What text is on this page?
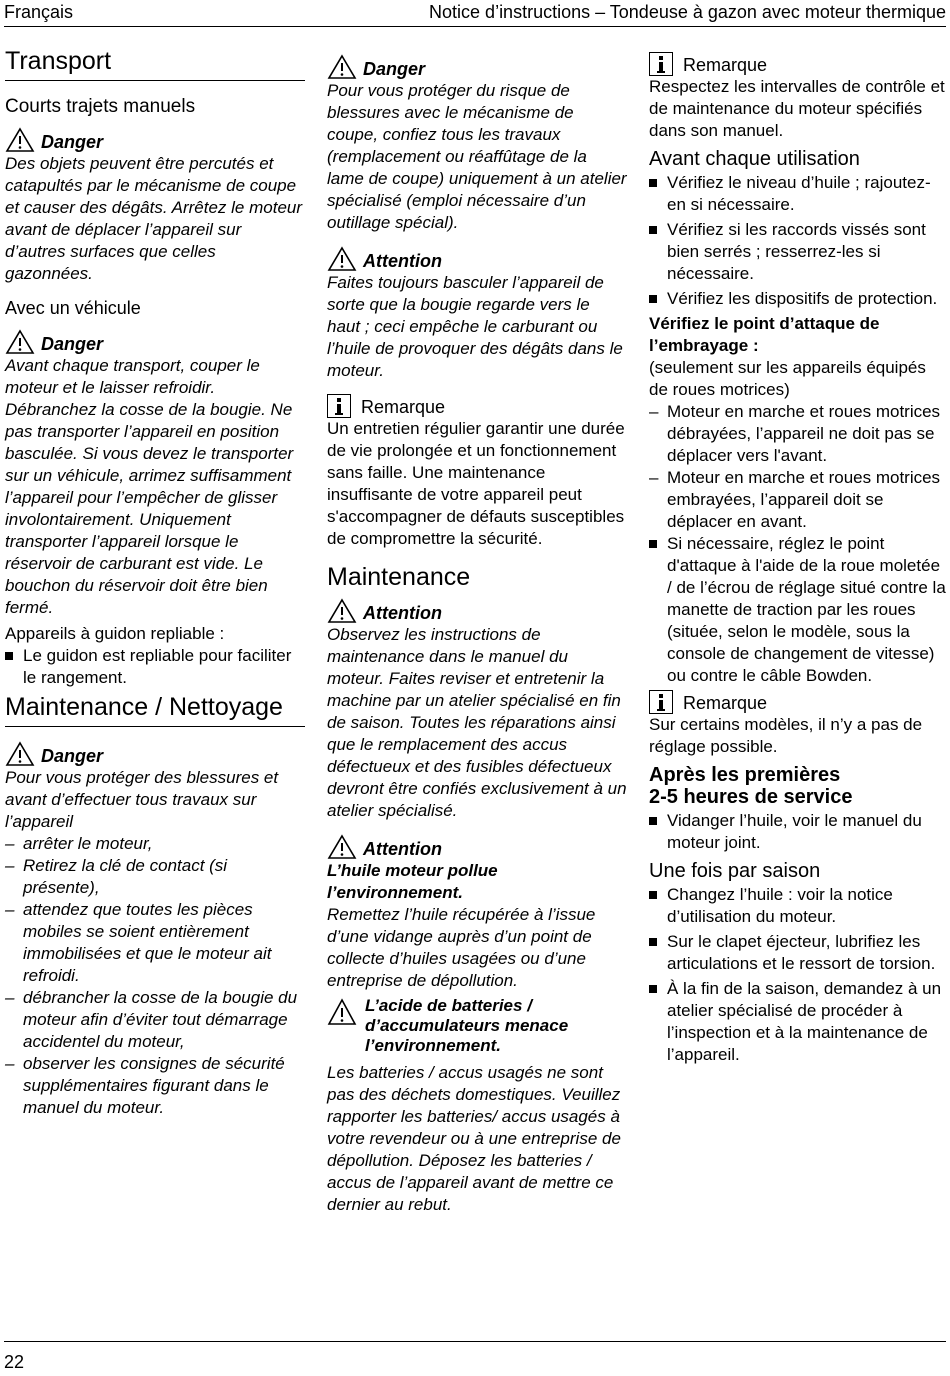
Français	Notice d’instructions – Tondeuse à gazon avec moteur thermique
Transport
Courts trajets manuels
Danger

Des objets peuvent être percutés et catapultés par le mécanisme de coupe et causer des dégâts. Arrêtez le moteur avant de déplacer l’appareil sur d’autres surfaces que celles gazonnées.

Avec un véhicule
Danger

Avant chaque transport, couper le moteur et le laisser refroidir. Débranchez la cosse de la bougie. Ne pas transporter l’appareil en position basculée. Si vous devez le transporter sur un véhicule, arrimez suffisamment l’appareil pour l’empêcher de glisser involontairement. Uniquement transporter l’appareil lorsque le réservoir de carburant est vide. Le bouchon du réservoir doit être bien fermé.

Appareils à guidon repliable :

Le guidon est repliable pour faciliter le rangement.
Maintenance / Nettoyage
Danger

Pour vous protéger des blessures et avant d’effectuer tous travaux sur l’appareil

– arrêter le moteur,
– Retirez la clé de contact (si présente),
– attendez que toutes les pièces mobiles se soient entièrement immobilisées et que le moteur ait refroidi.
– débrancher la cosse de la bougie du moteur afin d’éviter tout démarrage accidentel du moteur,
– observer les consignes de sécurité supplémentaires figurant dans le manuel du moteur.
Danger

Pour vous protéger du risque de blessures avec le mécanisme de coupe, confiez tous les travaux (remplacement ou réaffûtage de la lame de coupe) uniquement à un atelier spécialisé (emploi nécessaire d’un outillage spécial).

Attention

Faites toujours basculer l’appareil de sorte que la bougie regarde vers le haut ; ceci empêche le carburant ou l’huile de provoquer des dégâts dans le moteur.

Remarque

Un entretien régulier garantir une durée de vie prolongée et un fonctionnement sans faille. Une maintenance insuffisante de votre appareil peut s'accompagner de défauts susceptibles de compromettre la sécurité.

Maintenance
Attention

Observez les instructions de maintenance dans le manuel du moteur. Faites reviser et entretenir la machine par un atelier spécialisé en fin de saison. Toutes les réparations ainsi que le remplacement des accus défectueux et des fusibles défectueux devront être confiés exclusivement à un atelier spécialisé.

Attention

L’huile moteur pollue l’environnement.

Remettez l’huile récupérée à l’issue d’une vidange auprès d’un point de collecte d’huiles usagées ou d’une entreprise de dépollution.

L’acide de batteries / d’accumulateurs menace l’environnement.

Les batteries / accus usagés ne sont pas des déchets domestiques. Veuillez rapporter les batteries/ accus usagés à votre revendeur ou à une entreprise de dépollution. Déposez les batteries / accus de l’appareil avant de mettre ce dernier au rebut.

Remarque

Respectez les intervalles de contrôle et de maintenance du moteur spécifiés dans son manuel.

Avant chaque utilisation
Vérifiez le niveau d’huile ; rajoutez-en si nécessaire.
Vérifiez si les raccords vissés sont bien serrés ; resserrez-les si nécessaire.
Vérifiez les dispositifs de protection.
Vérifiez le point d’attaque de l’embrayage :

(seulement sur les appareils équipés de roues motrices)

– Moteur en marche et roues motrices débrayées, l’appareil ne doit pas se déplacer vers l'avant.
– Moteur en marche et roues motrices embrayées, l’appareil doit se déplacer en avant.
Si nécessaire, réglez le point d'attaque à l'aide de la roue moletée / de l’écrou de réglage situé contre la manette de traction par les roues (située, selon le modèle, sous la console de changement de vitesse) ou contre le câble Bowden.
Remarque

Sur certains modèles, il n’y a pas de réglage possible.

Après les premières
2-5 heures de service
Vidanger l’huile, voir le manuel du moteur joint.
Une fois par saison
Changez l’huile : voir la notice d’utilisation du moteur.
Sur le clapet éjecteur, lubrifiez les articulations et le ressort de torsion.
À la fin de la saison, demandez à un atelier spécialisé de procéder à l’inspection et à la maintenance de l’appareil.
22
